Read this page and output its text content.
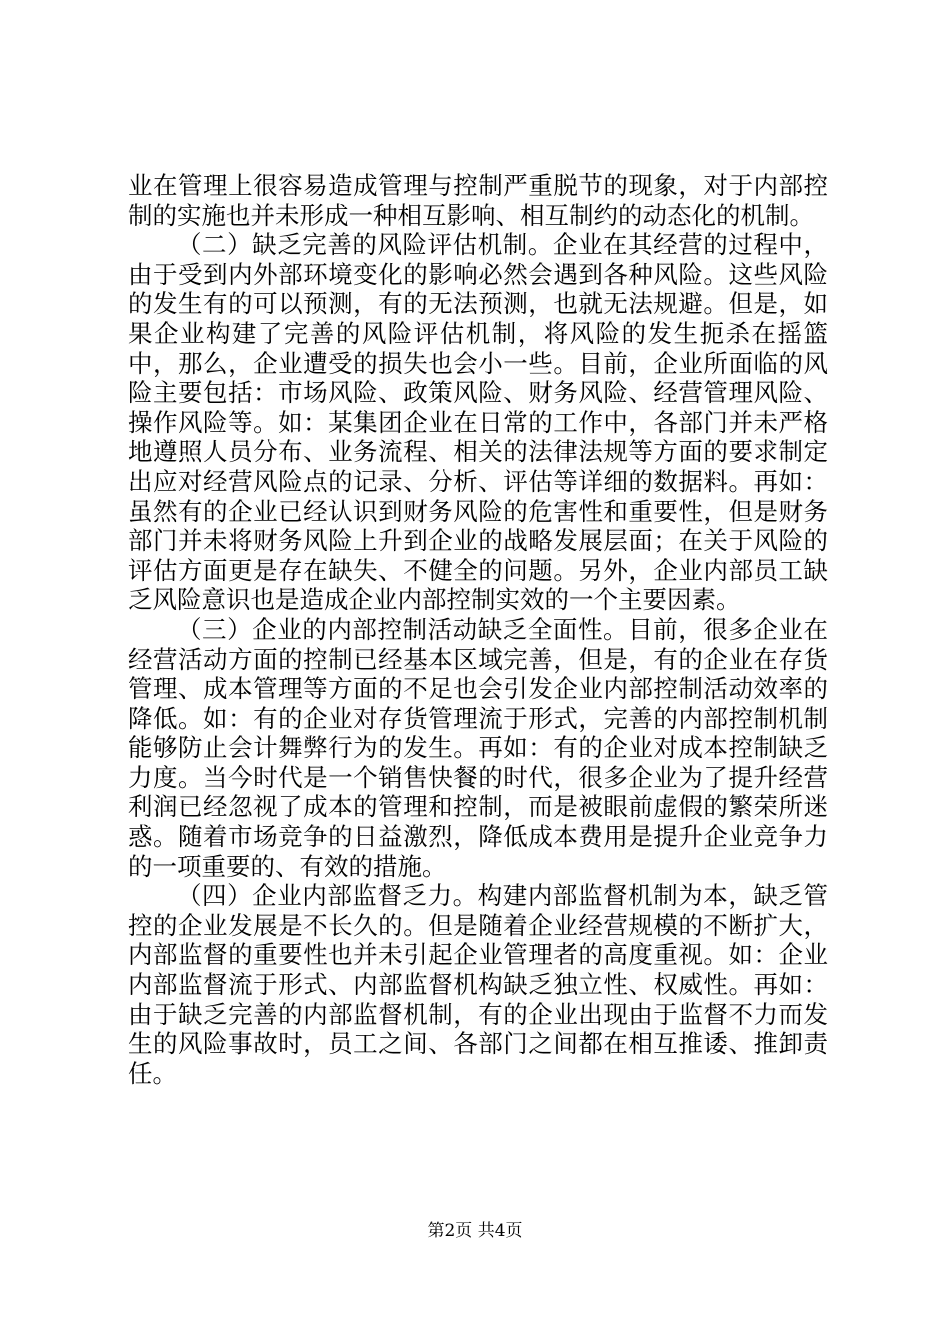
业在管理上很容易造成管理与控制严重脱节的现象，对于内部控制的实施也并未形成一种相互影响、相互制约的动态化的机制。

（二）缺乏完善的风险评估机制。企业在其经营的过程中，由于受到内外部环境变化的影响必然会遇到各种风险。这些风险的发生有的可以预测，有的无法预测，也就无法规避。但是，如果企业构建了完善的风险评估机制，将风险的发生扼杀在摇篮中，那么，企业遭受的损失也会小一些。目前，企业所面临的风险主要包括：市场风险、政策风险、财务风险、经营管理风险、操作风险等。如：某集团企业在日常的工作中，各部门并未严格地遵照人员分布、业务流程、相关的法律法规等方面的要求制定出应对经营风险点的记录、分析、评估等详细的数据料。再如：虽然有的企业已经认识到财务风险的危害性和重要性，但是财务部门并未将财务风险上升到企业的战略发展层面；在关于风险的评估方面更是存在缺失、不健全的问题。另外，企业内部员工缺乏风险意识也是造成企业内部控制实效的一个主要因素。

（三）企业的内部控制活动缺乏全面性。目前，很多企业在经营活动方面的控制已经基本区域完善，但是，有的企业在存货管理、成本管理等方面的不足也会引发企业内部控制活动效率的降低。如：有的企业对存货管理流于形式，完善的内部控制机制能够防止会计舞弊行为的发生。再如：有的企业对成本控制缺乏力度。当今时代是一个销售快餐的时代，很多企业为了提升经营利润已经忽视了成本的管理和控制，而是被眼前虚假的繁荣所迷惑。随着市场竞争的日益激烈，降低成本费用是提升企业竞争力的一项重要的、有效的措施。

（四）企业内部监督乏力。构建内部监督机制为本，缺乏管控的企业发展是不长久的。但是随着企业经营规模的不断扩大，内部监督的重要性也并未引起企业管理者的高度重视。如：企业内部监督流于形式、内部监督机构缺乏独立性、权威性。再如：由于缺乏完善的内部监督机制，有的企业出现由于监督不力而发生的风险事故时，员工之间、各部门之间都在相互推诿、推卸责任。

第2页 共4页
